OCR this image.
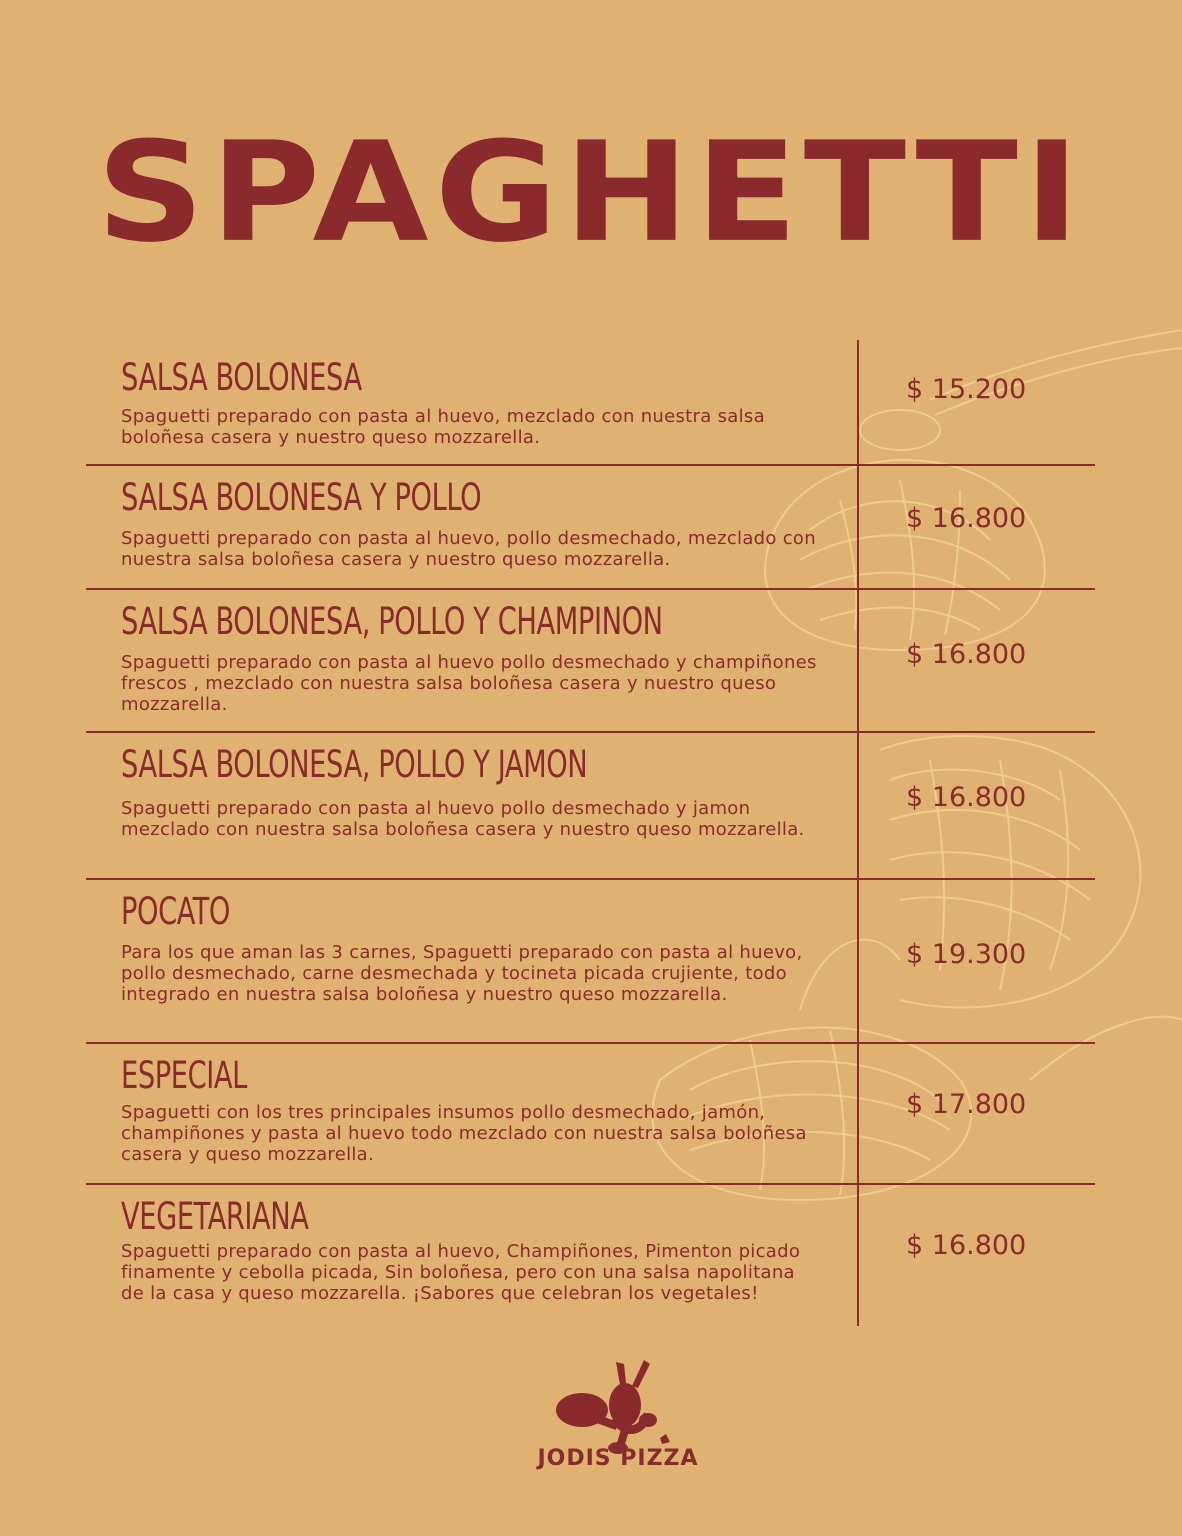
SPAGHETTI
SALSA BOLONESA
Spaguetti preparado con pasta al huevo, mezclado con nuestra salsa boloñesa casera y nuestro queso mozzarella.
$ 15.200
SALSA BOLONESA Y POLLO
Spaguetti preparado con pasta al huevo, pollo desmechado, mezclado con nuestra salsa boloñesa casera y nuestro queso mozzarella.
$ 16.800
SALSA BOLONESA, POLLO Y CHAMPINON
Spaguetti preparado con pasta al huevo pollo desmechado y champiñones frescos , mezclado con nuestra salsa boloñesa casera y nuestro queso mozzarella.
$ 16.800
SALSA BOLONESA, POLLO Y JAMON
Spaguetti preparado con pasta al huevo pollo desmechado y jamon mezclado con nuestra salsa boloñesa casera y nuestro queso mozzarella.
$ 16.800
POCATO
Para los que aman las 3 carnes, Spaguetti preparado con pasta al huevo, pollo desmechado, carne desmechada y tocineta picada crujiente, todo integrado en nuestra salsa boloñesa y nuestro queso mozzarella.
$ 19.300
ESPECIAL
Spaguetti con los tres principales insumos pollo desmechado, jamón, champiñones y pasta al huevo todo mezclado con nuestra salsa boloñesa casera y queso mozzarella.
$ 17.800
VEGETARIANA
Spaguetti preparado con pasta al huevo, Champiñones, Pimenton picado finamente y cebolla picada, Sin boloñesa, pero con una salsa napolitana de la casa y queso mozzarella. ¡Sabores que celebran los vegetales!
$ 16.800
JODIS PIZZA
